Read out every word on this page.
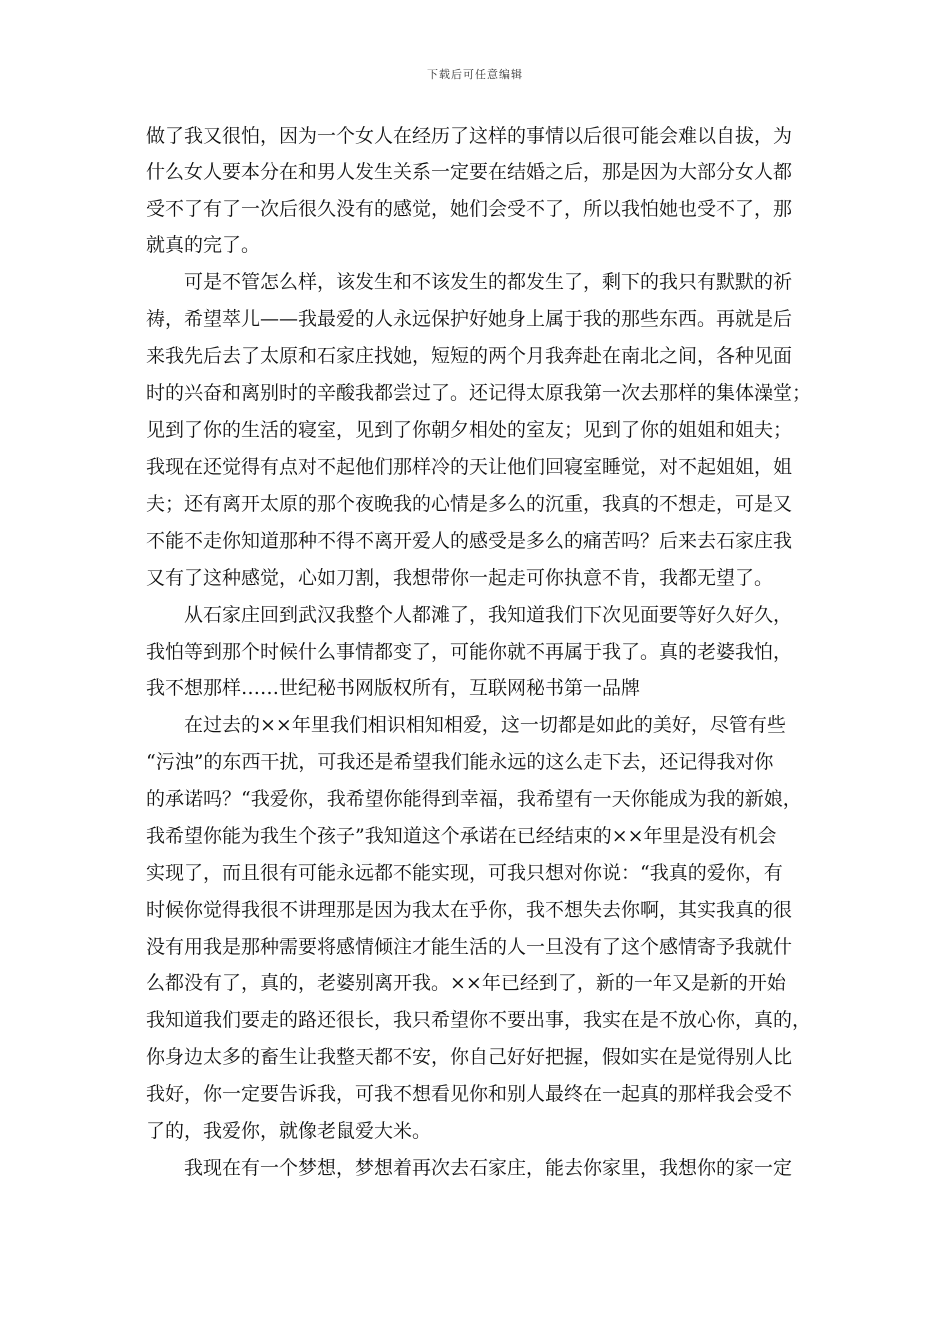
下载后可任意编辑
做了我又很怕，因为一个女人在经历了这样的事情以后很可能会难以自拔，为
什么女人要本分在和男人发生关系一定要在结婚之后，那是因为大部分女人都
受不了有了一次后很久没有的感觉，她们会受不了，所以我怕她也受不了，那
就真的完了。
可是不管怎么样，该发生和不该发生的都发生了，剩下的我只有默默的祈
祷，希望萃儿——我最爱的人永远保护好她身上属于我的那些东西。再就是后
来我先后去了太原和石家庄找她，短短的两个月我奔赴在南北之间，各种见面
时的兴奋和离别时的辛酸我都尝过了。还记得太原我第一次去那样的集体澡堂；
见到了你的生活的寝室，见到了你朝夕相处的室友；见到了你的姐姐和姐夫；
我现在还觉得有点对不起他们那样冷的天让他们回寝室睡觉，对不起姐姐，姐
夫；还有离开太原的那个夜晚我的心情是多么的沉重，我真的不想走，可是又
不能不走你知道那种不得不离开爱人的感受是多么的痛苦吗？后来去石家庄我
又有了这种感觉，心如刀割，我想带你一起走可你执意不肯，我都无望了。
从石家庄回到武汉我整个人都滩了，我知道我们下次见面要等好久好久，
我怕等到那个时候什么事情都变了，可能你就不再属于我了。真的老婆我怕，
我不想那样……世纪秘书网版权所有，互联网秘书第一品牌
在过去的××年里我们相识相知相爱，这一切都是如此的美好，尽管有些
“污浊”的东西干扰，可我还是希望我们能永远的这么走下去，还记得我对你
的承诺吗？“我爱你，我希望你能得到幸福，我希望有一天你能成为我的新娘，
我希望你能为我生个孩子”我知道这个承诺在已经结束的××年里是没有机会
实现了，而且很有可能永远都不能实现，可我只想对你说：“我真的爱你，有
时候你觉得我很不讲理那是因为我太在乎你，我不想失去你啊，其实我真的很
没有用我是那种需要将感情倾注才能生活的人一旦没有了这个感情寄予我就什
么都没有了，真的，老婆别离开我。××年已经到了，新的一年又是新的开始
我知道我们要走的路还很长，我只希望你不要出事，我实在是不放心你，真的，
你身边太多的畜生让我整天都不安，你自己好好把握，假如实在是觉得别人比
我好，你一定要告诉我，可我不想看见你和别人最终在一起真的那样我会受不
了的，我爱你，就像老鼠爱大米。
我现在有一个梦想，梦想着再次去石家庄，能去你家里，我想你的家一定
